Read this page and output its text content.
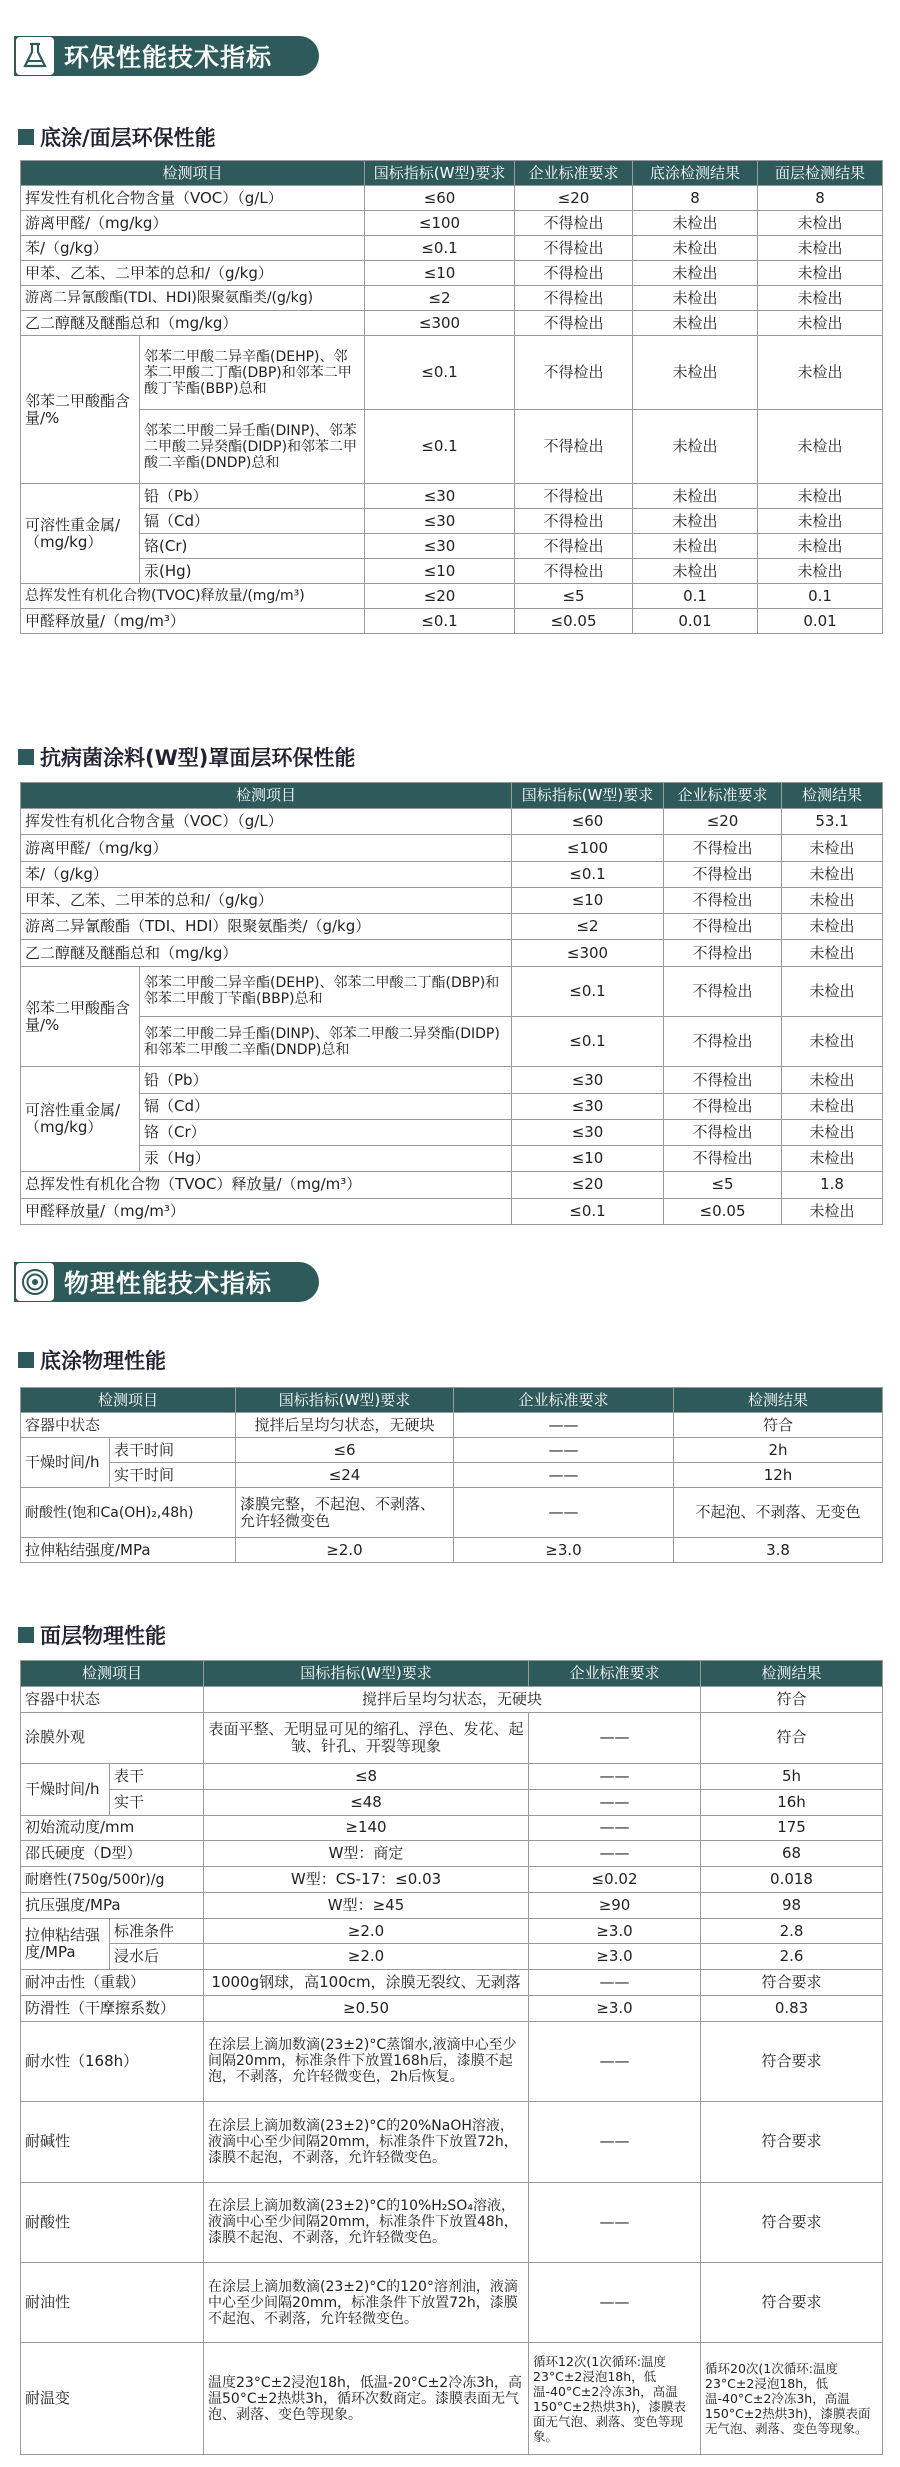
环保性能技术指标
底涂/面层环保性能
检测项目		国标指标(W型)要求	企业标准要求	底涂检测结果	面层检测结果
挥发性有机化合物含量（VOC）（g/L）		≤60	≤20	8	8
游离甲醛/（mg/kg）		≤100	不得检出	未检出	未检出
苯/（g/kg）		≤0.1	不得检出	未检出	未检出
甲苯、乙苯、二甲苯的总和/（g/kg）		≤10	不得检出	未检出	未检出
游离二异氰酸酯(TDI、HDI)限聚氨酯类/(g/kg)		≤2	不得检出	未检出	未检出
乙二醇醚及醚酯总和（mg/kg）		≤300	不得检出	未检出	未检出
邻苯二甲酸酯含量/%	邻苯二甲酸二异辛酯(DEHP)、邻苯二甲酸二丁酯(DBP)和邻苯二甲酸丁苄酯(BBP)总和	≤0.1	不得检出	未检出	未检出
	邻苯二甲酸二异壬酯(DINP)、邻苯二甲酸二异癸酯(DIDP)和邻苯二甲酸二辛酯(DNDP)总和	≤0.1	不得检出	未检出	未检出
可溶性重金属/（mg/kg）	铅（Pb）	≤30	不得检出	未检出	未检出
	镉（Cd）	≤30	不得检出	未检出	未检出
	铬(Cr)	≤30	不得检出	未检出	未检出
	汞(Hg)	≤10	不得检出	未检出	未检出
总挥发性有机化合物(TVOC)释放量/(mg/m³)		≤20	≤5	0.1	0.1
甲醛释放量/（mg/m³）		≤0.1	≤0.05	0.01	0.01
抗病菌涂料(W型)罩面层环保性能
检测项目		国标指标(W型)要求	企业标准要求	检测结果
挥发性有机化合物含量（VOC）（g/L）		≤60	≤20	53.1
游离甲醛/（mg/kg）		≤100	不得检出	未检出
苯/（g/kg）		≤0.1	不得检出	未检出
甲苯、乙苯、二甲苯的总和/（g/kg）		≤10	不得检出	未检出
游离二异氰酸酯（TDI、HDI）限聚氨酯类/（g/kg）		≤2	不得检出	未检出
乙二醇醚及醚酯总和（mg/kg）		≤300	不得检出	未检出
邻苯二甲酸酯含量/%	邻苯二甲酸二异辛酯(DEHP)、邻苯二甲酸二丁酯(DBP)和邻苯二甲酸丁苄酯(BBP)总和	≤0.1	不得检出	未检出
	邻苯二甲酸二异壬酯(DINP)、邻苯二甲酸二异癸酯(DIDP)和邻苯二甲酸二辛酯(DNDP)总和	≤0.1	不得检出	未检出
可溶性重金属/（mg/kg）	铅（Pb）	≤30	不得检出	未检出
	镉（Cd）	≤30	不得检出	未检出
	铬（Cr）	≤30	不得检出	未检出
	汞（Hg）	≤10	不得检出	未检出
总挥发性有机化合物（TVOC）释放量/（mg/m³）		≤20	≤5	1.8
甲醛释放量/（mg/m³）		≤0.1	≤0.05	未检出
物理性能技术指标
底涂物理性能
检测项目		国标指标(W型)要求	企业标准要求	检测结果
容器中状态		搅拌后呈均匀状态，无硬块	——	符合
干燥时间/h	表干时间	≤6	——	2h
	实干时间	≤24	——	12h
耐酸性(饱和Ca(OH)₂,48h)		漆膜完整，不起泡、不剥落、允许轻微变色	——	不起泡、不剥落、无变色
拉伸粘结强度/MPa		≥2.0	≥3.0	3.8
面层物理性能
检测项目		国标指标(W型)要求	企业标准要求	检测结果
容器中状态		搅拌后呈均匀状态，无硬块		符合
涂膜外观		表面平整、无明显可见的缩孔、浮色、发花、起皱、针孔、开裂等现象	——	符合
干燥时间/h	表干	≤8	——	5h
	实干	≤48	——	16h
初始流动度/mm		≥140	——	175
邵氏硬度（D型）		W型：商定	——	68
耐磨性(750g/500r)/g		W型：CS-17：≤0.03	≤0.02	0.018
抗压强度/MPa		W型：≥45	≥90	98
拉伸粘结强度/MPa	标准条件	≥2.0	≥3.0	2.8
	浸水后	≥2.0	≥3.0	2.6
耐冲击性（重载）		1000g钢球，高100cm，涂膜无裂纹、无剥落	——	符合要求
防滑性（干摩擦系数）		≥0.50	≥3.0	0.83
耐水性（168h）		在涂层上滴加数滴(23±2)°C蒸馏水,液滴中心至少间隔20mm，标准条件下放置168h后，漆膜不起泡，不剥落，允许轻微变色，2h后恢复。	——	符合要求
耐碱性		在涂层上滴加数滴(23±2)°C的20%NaOH溶液，液滴中心至少间隔20mm，标准条件下放置72h，漆膜不起泡，不剥落，允许轻微变色。	——	符合要求
耐酸性		在涂层上滴加数滴(23±2)°C的10%H₂SO₄溶液，液滴中心至少间隔20mm，标准条件下放置48h，漆膜不起泡、不剥落，允许轻微变色。	——	符合要求
耐油性		在涂层上滴加数滴(23±2)°C的120°溶剂油，液滴中心至少间隔20mm，标准条件下放置72h，漆膜不起泡、不剥落，允许轻微变色。	——	符合要求
耐温变		温度23°C±2浸泡18h，低温-20°C±2冷冻3h，高温50°C±2热烘3h，循环次数商定。漆膜表面无气泡、剥落、变色等现象。	循环12次(1次循环:温度23°C±2浸泡18h，低温-40°C±2冷冻3h，高温150°C±2热烘3h)，漆膜表面无气泡、剥落、变色等现象。	循环20次(1次循环:温度23°C±2浸泡18h，低温-40°C±2冷冻3h，高温150°C±2热烘3h)，漆膜表面无气泡、剥落、变色等现象。
